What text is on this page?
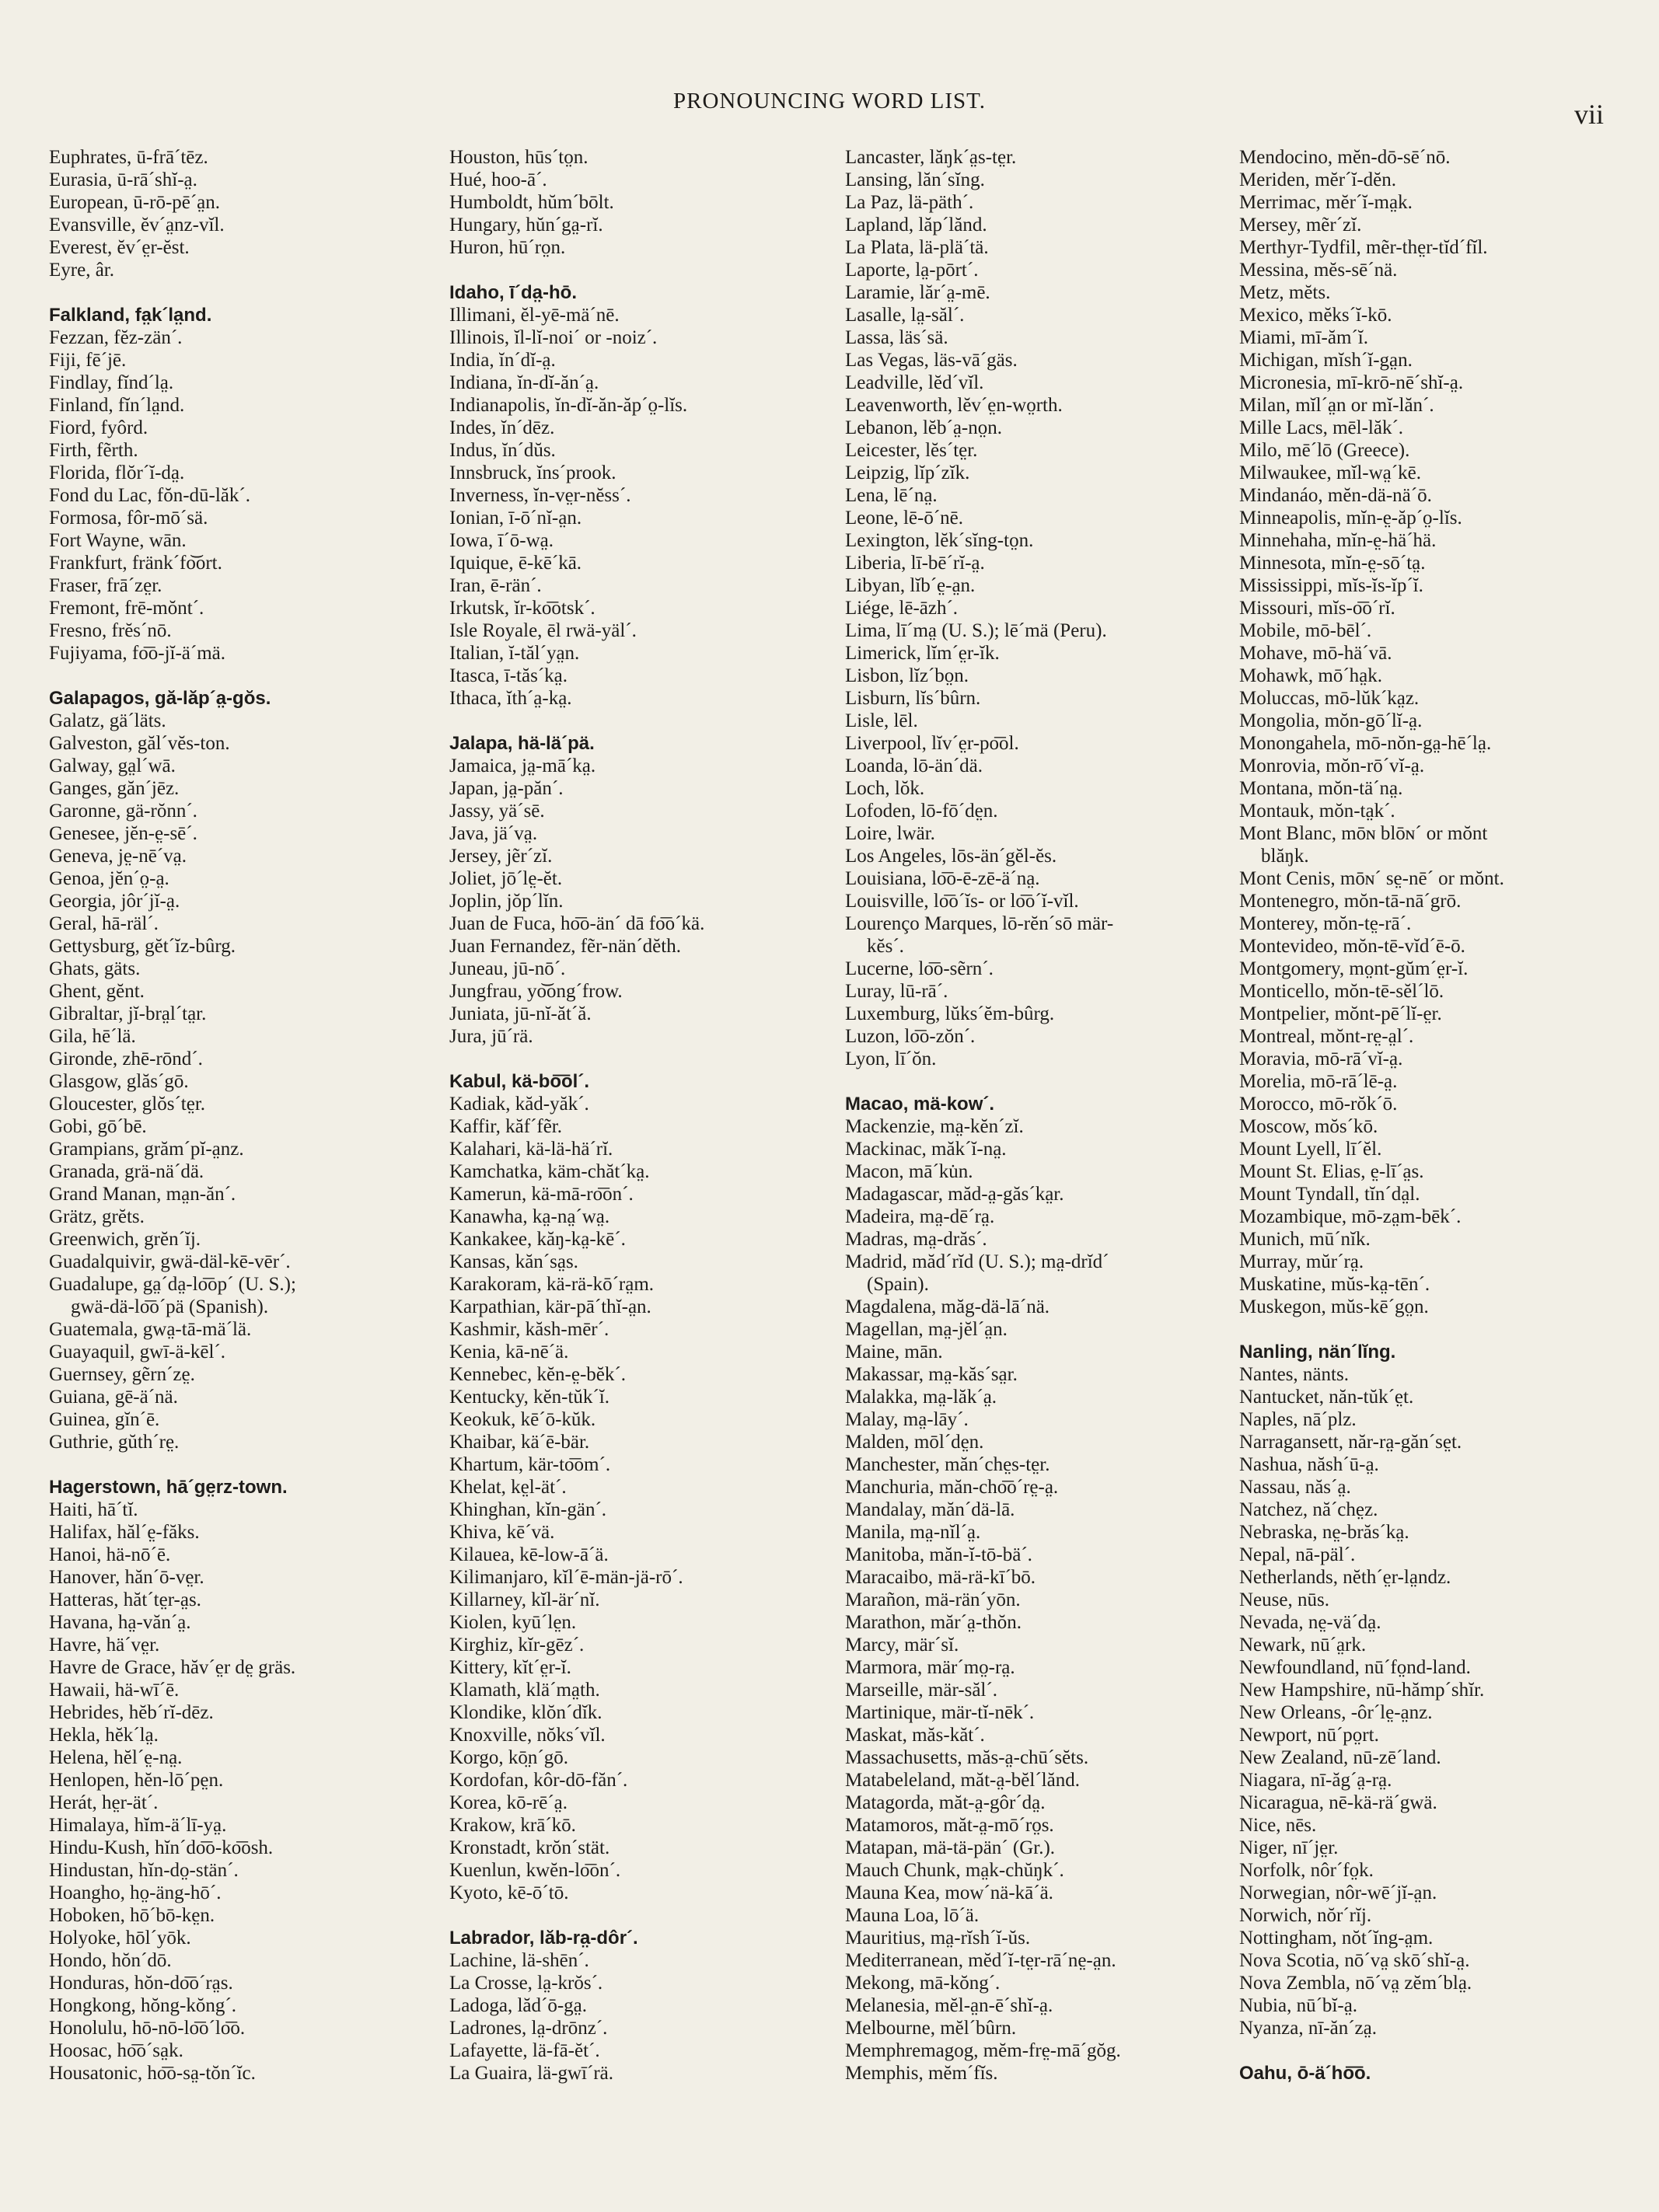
PRONOUNCING WORD LIST.	vii
Euphrates, ū-frā´tēz.
Eurasia, ū-rā´shĭ-a̤.
European, ū-rō-pē´a̤n.
Evansville, ĕv´a̤nz-vĭl.
Everest, ĕv´e̤r-ĕst.
Eyre, âr.
Falkland, fa̤k´la̤nd.
Fezzan, fĕz-zän´.
Fiji, fē´jē.
Findlay, fĭnd´la̤.
Finland, fĭn´la̤nd.
Fiord, fyôrd.
Firth, fẽrth.
Florida, flŏr´ĭ-da̤.
Fond du Lac, fŏn-dū-lăk´.
Formosa, fôr-mō´sä.
Fort Wayne, wān.
Frankfurt, fränk´fo͝ort.
Fraser, frā´ze̤r.
Fremont, frē-mŏnt´.
Fresno, frĕs´nō.
Fujiyama, fo͞o-jĭ-ä´mä.
Galapagos, gă-lăp´a̤-gŏs.
Galatz, gä´läts.
Galveston, găl´vĕs-ton.
Galway, ga̤l´wā.
Ganges, găn´jēz.
Garonne, gä-rŏnn´.
Genesee, jĕn-e̤-sē´.
Geneva, je̤-nē´va̤.
Genoa, jĕn´o̤-a̤.
Georgia, jôr´jĭ-a̤.
Geral, hā-räl´.
Gettysburg, gĕt´ĭz-bûrg.
Ghats, gäts.
Ghent, gĕnt.
Gibraltar, jĭ-bra̤l´ta̤r.
Gila, hē´lä.
Gironde, zhē-rōnd´.
Glasgow, glăs´gō.
Gloucester, glŏs´te̤r.
Gobi, gō´bē.
Grampians, grăm´pĭ-a̤nz.
Granada, grä-nä´dä.
Grand Manan, ma̤n-ăn´.
Grätz, grĕts.
Greenwich, grĕn´ĭj.
Guadalquivir, gwä-däl-kē-vēr´.
Guadalupe, ga̤´da̤-lo͞op´ (U. S.);
gwä-dä-lo͞o´pä (Spanish).
Guatemala, gwa̤-tā-mä´lä.
Guayaquil, gwī-ä-kēl´.
Guernsey, gẽrn´ze̤.
Guiana, gē-ä´nä.
Guinea, gĭn´ē.
Guthrie, gŭth´re̤.
Hagerstown, hā´ge̤rz-town.
Haiti, hā´tĭ.
Halifax, hăl´e̤-făks.
Hanoi, hä-nō´ē.
Hanover, hăn´ō-ve̤r.
Hatteras, hăt´te̤r-a̤s.
Havana, ha̤-văn´a̤.
Havre, hä´ve̤r.
Havre de Grace, hăv´e̤r de̤ gräs.
Hawaii, hä-wī´ē.
Hebrides, hĕb´rĭ-dēz.
Hekla, hĕk´la̤.
Helena, hĕl´e̤-na̤.
Henlopen, hĕn-lō´pe̤n.
Herát, he̤r-ät´.
Himalaya, hĭm-ä´lī-ya̤.
Hindu-Kush, hĭn´do͞o-ko͞osh.
Hindustan, hĭn-do̤-stän´.
Hoangho, ho̤-äng-hō´.
Hoboken, hō´bō-ke̤n.
Holyoke, hōl´yōk.
Hondo, hŏn´dō.
Honduras, hŏn-do͞o´ra̤s.
Hongkong, hŏng-kŏng´.
Honolulu, hō-nō-lo͞o´lo͞o.
Hoosac, ho͞o´sa̤k.
Housatonic, ho͞o-sa̤-tŏn´ĭc.
Houston, hūs´to̤n.
Hué, hoo-ā´.
Humboldt, hŭm´bōlt.
Hungary, hŭn´ga̤-rĭ.
Huron, hū´ro̤n.
Idaho, ī´da̤-hō.
Illimani, ĕl-yē-mä´nē.
Illinois, ĭl-lĭ-noi´ or -noiz´.
India, ĭn´dĭ-a̤.
Indiana, ĭn-dĭ-ăn´a̤.
Indianapolis, ĭn-dĭ-ăn-ăp´o̤-lĭs.
Indes, ĭn´dēz.
Indus, ĭn´dŭs.
Innsbruck, ĭns´prook.
Inverness, ĭn-ve̤r-nĕss´.
Ionian, ī-ō´nĭ-a̤n.
Iowa, ī´ō-wa̤.
Iquique, ē-kē´kā.
Iran, ē-rän´.
Irkutsk, ĭr-ko͞otsk´.
Isle Royale, ēl rwä-yäl´.
Italian, ĭ-tăl´ya̤n.
Itasca, ī-tăs´ka̤.
Ithaca, ĭth´a̤-ka̤.
Jalapa, hä-lä´pä.
Jamaica, ja̤-mā´ka̤.
Japan, ja̤-păn´.
Jassy, yä´sē.
Java, jä´va̤.
Jersey, jẽr´zĭ.
Joliet, jō´le̤-ĕt.
Joplin, jŏp´lĭn.
Juan de Fuca, ho͞o-än´ dā fo͞o´kä.
Juan Fernandez, fẽr-nän´dĕth.
Juneau, jū-nō´.
Jungfrau, yo͝ong´frow.
Juniata, jū-nĭ-ăt´ă.
Jura, jū´rä.
Kabul, kä-bo͞ol´.
Kadiak, kăd-yăk´.
Kaffir, kăf´fẽr.
Kalahari, kä-lä-hä´rĭ.
Kamchatka, käm-chăt´ka̤.
Kamerun, kä-mā-ro͞on´.
Kanawha, ka̤-na̤´wa̤.
Kankakee, kăŋ-ka̤-kē´.
Kansas, kăn´sa̤s.
Karakoram, kä-rä-kō´ra̤m.
Karpathian, kär-pā´thĭ-a̤n.
Kashmir, kăsh-mēr´.
Kenia, kā-nē´ä.
Kennebec, kĕn-e̤-bĕk´.
Kentucky, kĕn-tŭk´ĭ.
Keokuk, kē´ō-kŭk.
Khaibar, kä´ē-bär.
Khartum, kär-to͞om´.
Khelat, ke̤l-ät´.
Khinghan, kĭn-gän´.
Khiva, kē´vä.
Kilauea, kē-low-ā´ä.
Kilimanjaro, kĭl´ē-män-jä-rō´.
Killarney, kĭl-är´nĭ.
Kiolen, kyū´le̤n.
Kirghiz, kĭr-gēz´.
Kittery, kĭt´e̤r-ĭ.
Klamath, klä´ma̤th.
Klondike, klŏn´dĭk.
Knoxville, nŏks´vĭl.
Korgo, kō̤n´gō.
Kordofan, kôr-dō-făn´.
Korea, kō-rē´a̤.
Krakow, krā´kō.
Kronstadt, krŏn´stät.
Kuenlun, kwĕn-lo͞on´.
Kyoto, kē-ō´tō.
Labrador, lăb-ra̤-dôr´.
Lachine, lä-shēn´.
La Crosse, la̤-krŏs´.
Ladoga, lăd´ō-ga̤.
Ladrones, la̤-drōnz´.
Lafayette, lä-fā-ĕt´.
La Guaira, lä-gwī´rä.
Lancaster, lăŋk´a̤s-te̤r.
Lansing, lăn´sĭng.
La Paz, lä-päth´.
Lapland, lăp´lănd.
La Plata, lä-plä´tä.
Laporte, la̤-pōrt´.
Laramie, lăr´a̤-mē.
Lasalle, la̤-săl´.
Lassa, läs´sä.
Las Vegas, läs-vā´gäs.
Leadville, lĕd´vĭl.
Leavenworth, lĕv´e̤n-wo̤rth.
Lebanon, lĕb´a̤-no̤n.
Leicester, lĕs´te̤r.
Leipzig, lĭp´zĭk.
Lena, lē´na̤.
Leone, lē-ō´nē.
Lexington, lĕk´sĭng-to̤n.
Liberia, lī-bē´rĭ-a̤.
Libyan, lĭb´e̤-a̤n.
Liége, lē-āzh´.
Lima, lī´ma̤ (U. S.); lē´mä (Peru).
Limerick, lĭm´e̤r-ĭk.
Lisbon, lĭz´bo̤n.
Lisburn, lĭs´bûrn.
Lisle, lēl.
Liverpool, lĭv´e̤r-po͞ol.
Loanda, lō-än´dä.
Loch, lŏk.
Lofoden, lō-fō´de̤n.
Loire, lwär.
Los Angeles, lōs-än´gĕl-ĕs.
Louisiana, lo͞o-ē-zē-ä´na̤.
Louisville, lo͞o´ĭs- or lo͞o´ĭ-vĭl.
Lourenço Marques, lō-rĕn´sō mär-
kĕs´.
Lucerne, lo͞o-sẽrn´.
Luray, lū-rā´.
Luxemburg, lŭks´ĕm-bûrg.
Luzon, lo͞o-zŏn´.
Lyon, lī´ŏn.
Macao, mä-kow´.
Mackenzie, ma̤-kĕn´zĭ.
Mackinac, măk´ĭ-na̤.
Macon, mā´ku̇n.
Madagascar, măd-a̤-găs´ka̤r.
Madeira, ma̤-dē´ra̤.
Madras, ma̤-drăs´.
Madrid, măd´rĭd (U. S.); ma̤-drĭd´
(Spain).
Magdalena, măg-dä-lā´nä.
Magellan, ma̤-jĕl´a̤n.
Maine, mān.
Makassar, ma̤-kăs´sa̤r.
Malakka, ma̤-lăk´a̤.
Malay, ma̤-lāy´.
Malden, mōl´de̤n.
Manchester, măn´che̤s-te̤r.
Manchuria, măn-cho͞o´re̤-a̤.
Mandalay, măn´dä-lā.
Manila, ma̤-nĭl´a̤.
Manitoba, măn-ĭ-tō-bä´.
Maracaibo, mä-rä-kī´bō.
Marañon, mä-rän´yōn.
Marathon, măr´a̤-thŏn.
Marcy, mär´sĭ.
Marmora, mär´mo̤-ra̤.
Marseille, mär-săl´.
Martinique, mär-tĭ-nēk´.
Maskat, măs-kăt´.
Massachusetts, măs-a̤-chū´sĕts.
Matabeleland, măt-a̤-bĕl´lănd.
Matagorda, măt-a̤-gôr´da̤.
Matamoros, măt-a̤-mō´ro̤s.
Matapan, mä-tä-pän´ (Gr.).
Mauch Chunk, ma̤k-chŭŋk´.
Mauna Kea, mow´nä-kā´ä.
Mauna Loa, lō´ä.
Mauritius, ma̤-rĭsh´ĭ-ŭs.
Mediterranean, mĕd´ĭ-te̤r-rā´ne̤-a̤n.
Mekong, mā-kŏng´.
Melanesia, mĕl-a̤n-ē´shĭ-a̤.
Melbourne, mĕl´bûrn.
Memphremagog, mĕm-fre̤-mā´gŏg.
Memphis, mĕm´fĭs.
Mendocino, mĕn-dō-sē´nō.
Meriden, mĕr´ĭ-dĕn.
Merrimac, mĕr´ĭ-ma̤k.
Mersey, mẽr´zĭ.
Merthyr-Tydfil, mẽr-the̤r-tĭd´fĭl.
Messina, mĕs-sē´nä.
Metz, mĕts.
Mexico, mĕks´ĭ-kō.
Miami, mī-ăm´ĭ.
Michigan, mĭsh´ĭ-ga̤n.
Micronesia, mī-krō-nē´shĭ-a̤.
Milan, mĭl´a̤n or mĭ-lăn´.
Mille Lacs, mēl-lăk´.
Milo, mē´lō (Greece).
Milwaukee, mĭl-wa̤´kē.
Mindanáo, mĕn-dä-nä´ō.
Minneapolis, mĭn-e̤-ăp´o̤-lĭs.
Minnehaha, mĭn-e̤-hä´hä.
Minnesota, mĭn-e̤-sō´ta̤.
Mississippi, mĭs-ĭs-ĭp´ĭ.
Missouri, mĭs-o͞o´rĭ.
Mobile, mō-bēl´.
Mohave, mō-hä´vā.
Mohawk, mō´ha̤k.
Moluccas, mō-lŭk´ka̤z.
Mongolia, mŏn-gō´lĭ-a̤.
Monongahela, mō-nŏn-ga̤-hē´la̤.
Monrovia, mŏn-rō´vĭ-a̤.
Montana, mŏn-tä´na̤.
Montauk, mŏn-ta̤k´.
Mont Blanc, mōɴ blōɴ´ or mŏnt
blăŋk.
Mont Cenis, mōɴ´ se̤-nē´ or mŏnt.
Montenegro, mŏn-tā-nā´grō.
Monterey, mŏn-te̤-rā´.
Montevideo, mŏn-tē-vĭd´ē-ō.
Montgomery, mo̤nt-gŭm´e̤r-ĭ.
Monticello, mŏn-tē-sĕl´lō.
Montpelier, mŏnt-pē´lĭ-e̤r.
Montreal, mŏnt-re̤-a̤l´.
Moravia, mō-rā´vĭ-a̤.
Morelia, mō-rā´lē-a̤.
Morocco, mō-rŏk´ō.
Moscow, mŏs´kō.
Mount Lyell, lī´ĕl.
Mount St. Elias, e̤-lī´a̤s.
Mount Tyndall, tĭn´da̤l.
Mozambique, mō-za̤m-bēk´.
Munich, mū´nĭk.
Murray, mŭr´ra̤.
Muskatine, mŭs-ka̤-tēn´.
Muskegon, mŭs-kē´go̤n.
Nanling, nän´lĭng.
Nantes, nänts.
Nantucket, năn-tŭk´e̤t.
Naples, nā´plz.
Narragansett, năr-ra̤-găn´se̤t.
Nashua, năsh´ū-a̤.
Nassau, năs´a̤.
Natchez, nă´che̤z.
Nebraska, ne̤-brăs´ka̤.
Nepal, nā-päl´.
Netherlands, nĕth´e̤r-la̤ndz.
Neuse, nūs.
Nevada, ne̤-vä´da̤.
Newark, nū´a̤rk.
Newfoundland, nū´fo̤nd-land.
New Hampshire, nū-hămp´shĭr.
New Orleans, -ôr´le̤-a̤nz.
Newport, nū´po̤rt.
New Zealand, nū-zē´land.
Niagara, nī-ăg´a̤-ra̤.
Nicaragua, nē-kä-rä´gwä.
Nice, nēs.
Niger, nī´je̤r.
Norfolk, nôr´fo̤k.
Norwegian, nôr-wē´jĭ-a̤n.
Norwich, nŏr´rĭj.
Nottingham, nŏt´ĭng-a̤m.
Nova Scotia, nō´va̤ skō´shĭ-a̤.
Nova Zembla, nō´va̤ zĕm´bla̤.
Nubia, nū´bĭ-a̤.
Nyanza, nī-ăn´za̤.
Oahu, ō-ä´ho͞o.
